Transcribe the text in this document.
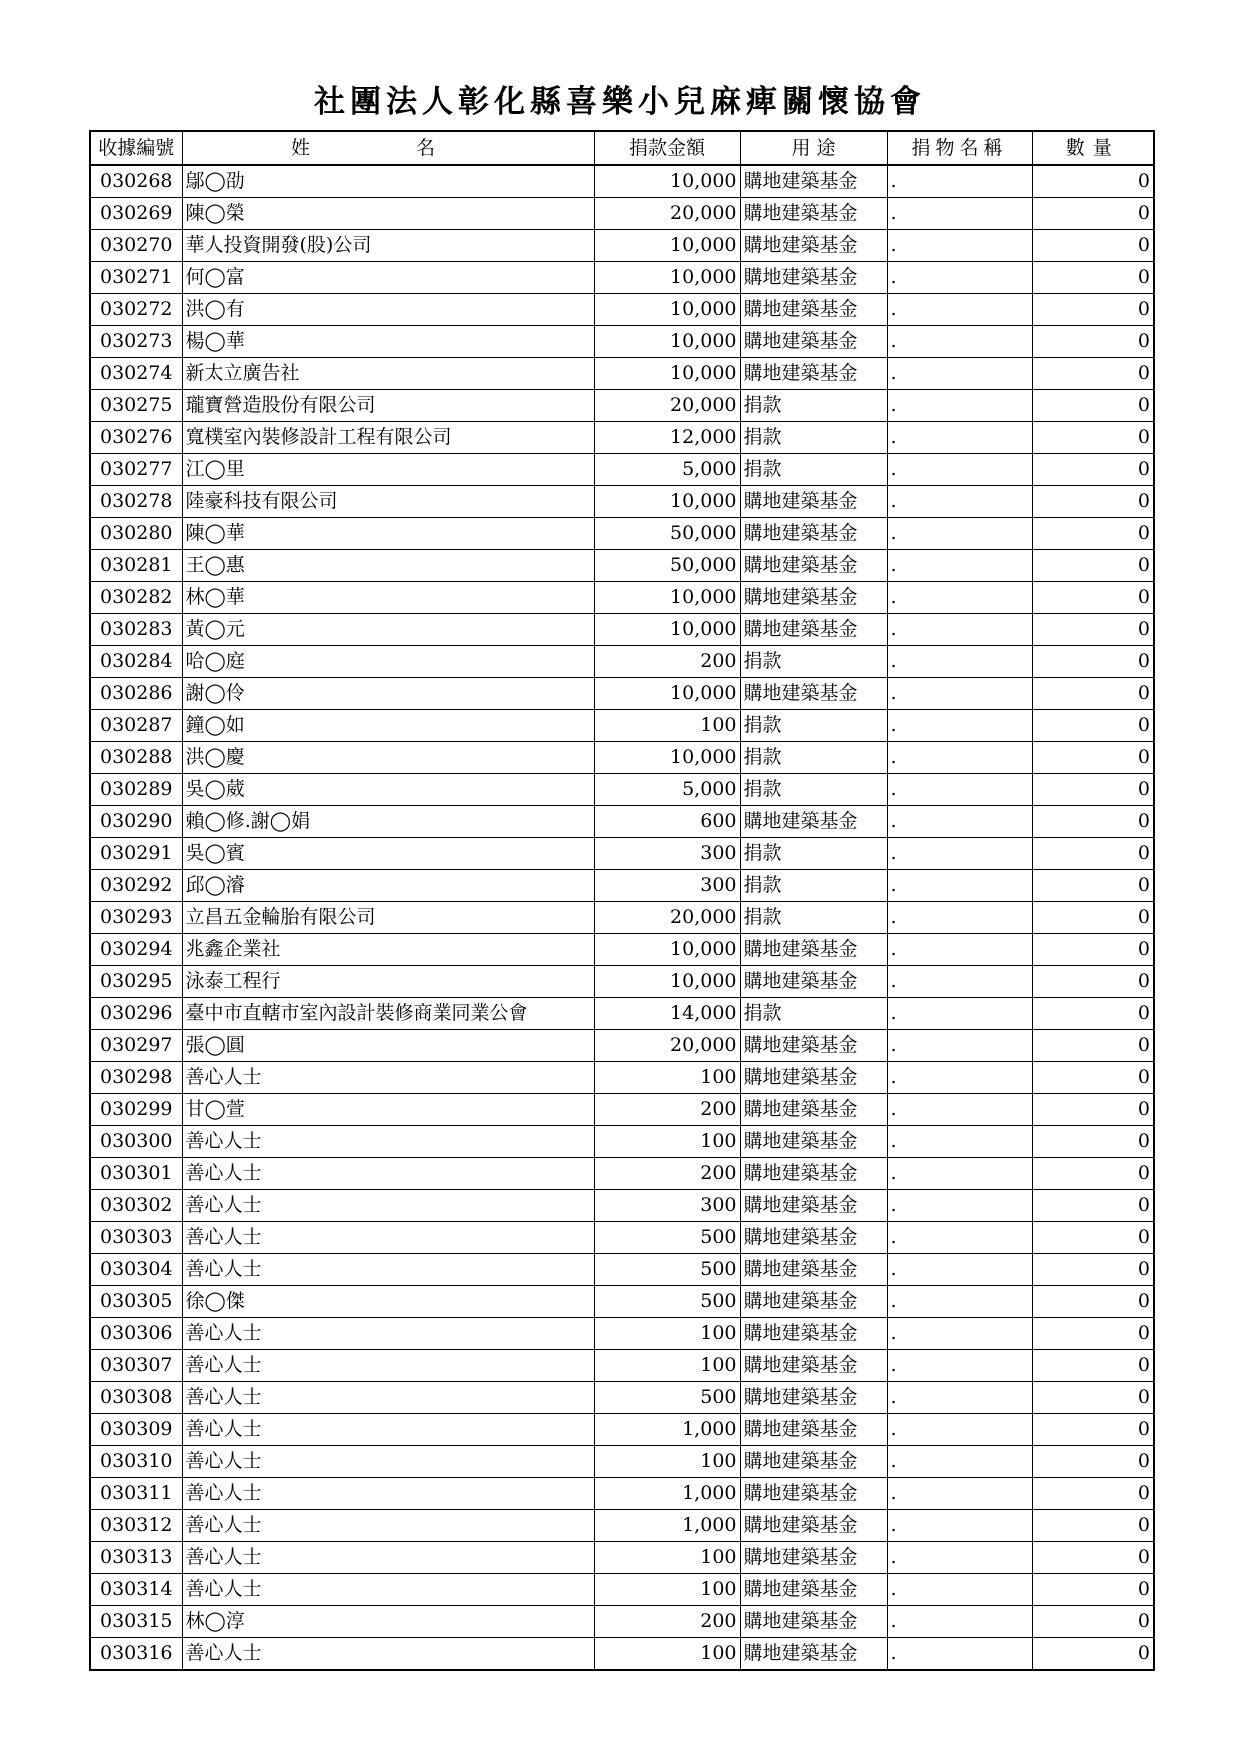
社團法人彰化縣喜樂小兒麻痺關懷協會
收據編號	姓 名	捐款金額	用 途	捐物名稱	數量
030268	鄔◯劭	10,000	購地建築基金	.	0
030269	陳◯榮	20,000	購地建築基金	.	0
030270	華人投資開發(股)公司	10,000	購地建築基金	.	0
030271	何◯富	10,000	購地建築基金	.	0
030272	洪◯有	10,000	購地建築基金	.	0
030273	楊◯華	10,000	購地建築基金	.	0
030274	新太立廣告社	10,000	購地建築基金	.	0
030275	瓏寶營造股份有限公司	20,000	捐款	.	0
030276	寬樸室內裝修設計工程有限公司	12,000	捐款	.	0
030277	江◯里	5,000	捐款	.	0
030278	陸豪科技有限公司	10,000	購地建築基金	.	0
030280	陳◯華	50,000	購地建築基金	.	0
030281	王◯惠	50,000	購地建築基金	.	0
030282	林◯華	10,000	購地建築基金	.	0
030283	黃◯元	10,000	購地建築基金	.	0
030284	哈◯庭	200	捐款	.	0
030286	謝◯伶	10,000	購地建築基金	.	0
030287	鐘◯如	100	捐款	.	0
030288	洪◯慶	10,000	捐款	.	0
030289	吳◯葳	5,000	捐款	.	0
030290	賴◯修.謝◯娟	600	購地建築基金	.	0
030291	吳◯賓	300	捐款	.	0
030292	邱◯濬	300	捐款	.	0
030293	立昌五金輪胎有限公司	20,000	捐款	.	0
030294	兆鑫企業社	10,000	購地建築基金	.	0
030295	泳泰工程行	10,000	購地建築基金	.	0
030296	臺中市直轄市室內設計裝修商業同業公會	14,000	捐款	.	0
030297	張◯圓	20,000	購地建築基金	.	0
030298	善心人士	100	購地建築基金	.	0
030299	甘◯萱	200	購地建築基金	.	0
030300	善心人士	100	購地建築基金	.	0
030301	善心人士	200	購地建築基金	.	0
030302	善心人士	300	購地建築基金	.	0
030303	善心人士	500	購地建築基金	.	0
030304	善心人士	500	購地建築基金	.	0
030305	徐◯傑	500	購地建築基金	.	0
030306	善心人士	100	購地建築基金	.	0
030307	善心人士	100	購地建築基金	.	0
030308	善心人士	500	購地建築基金	.	0
030309	善心人士	1,000	購地建築基金	.	0
030310	善心人士	100	購地建築基金	.	0
030311	善心人士	1,000	購地建築基金	.	0
030312	善心人士	1,000	購地建築基金	.	0
030313	善心人士	100	購地建築基金	.	0
030314	善心人士	100	購地建築基金	.	0
030315	林◯淳	200	購地建築基金	.	0
030316	善心人士	100	購地建築基金	.	0
